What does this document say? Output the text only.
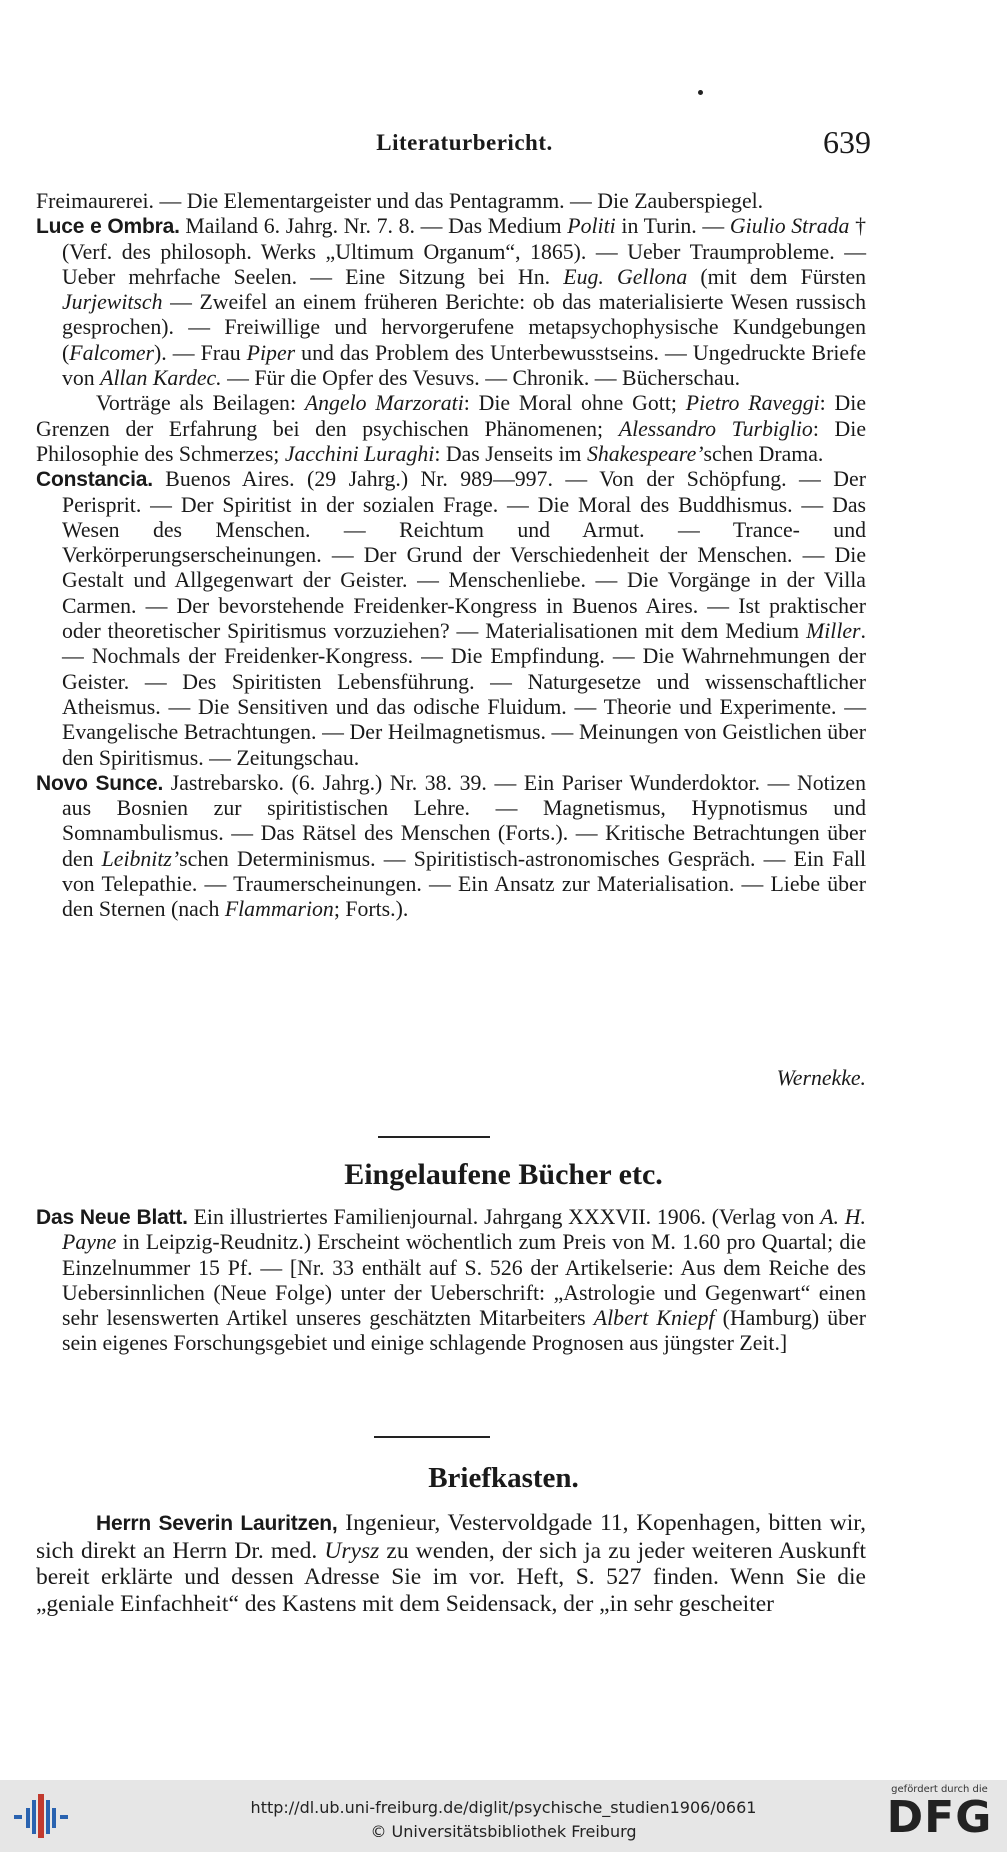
Literaturbericht.	639

Freimaurerei. — Die Elementargeister und das Pentagramm. — Die Zauberspiegel.

Luce e Ombra. Mailand 6. Jahrg. Nr. 7. 8. — Das Medium Politi in Turin. — Giulio Strada † (Verf. des philosoph. Werks „Ultimum Organum“, 1865). — Ueber Traumprobleme. — Ueber mehrfache Seelen. — Eine Sitzung bei Hn. Eug. Gellona (mit dem Fürsten Jurjewitsch — Zweifel an einem früheren Berichte: ob das materialisierte Wesen russisch gesprochen). — Freiwillige und hervorgerufene metapsychophysische Kundgebungen (Falcomer). — Frau Piper und das Problem des Unterbewusstseins. — Ungedruckte Briefe von Allan Kardec. — Für die Opfer des Vesuvs. — Chronik. — Bücherschau.

Vorträge als Beilagen: Angelo Marzorati: Die Moral ohne Gott; Pietro Raveggi: Die Grenzen der Erfahrung bei den psychischen Phänomenen; Alessandro Turbiglio: Die Philosophie des Schmerzes; Jacchini Luraghi: Das Jenseits im Shakespeare’schen Drama.

Constancia. Buenos Aires. (29 Jahrg.) Nr. 989—997. — Von der Schöpfung. — Der Perisprit. — Der Spiritist in der sozialen Frage. — Die Moral des Buddhismus. — Das Wesen des Menschen. — Reichtum und Armut. — Trance- und Verkörperungserscheinungen. — Der Grund der Verschiedenheit der Menschen. — Die Gestalt und Allgegenwart der Geister. — Menschenliebe. — Die Vorgänge in der Villa Carmen. — Der bevorstehende Freidenker-Kongress in Buenos Aires. — Ist praktischer oder theoretischer Spiritismus vorzuziehen? — Materialisationen mit dem Medium Miller. — Nochmals der Freidenker-Kongress. — Die Empfindung. — Die Wahrnehmungen der Geister. — Des Spiritisten Lebensführung. — Naturgesetze und wissenschaftlicher Atheismus. — Die Sensitiven und das odische Fluidum. — Theorie und Experimente. — Evangelische Betrachtungen. — Der Heilmagnetismus. — Meinungen von Geistlichen über den Spiritismus. — Zeitungschau.

Novo Sunce. Jastrebarsko. (6. Jahrg.) Nr. 38. 39. — Ein Pariser Wunderdoktor. — Notizen aus Bosnien zur spiritistischen Lehre. — Magnetismus, Hypnotismus und Somnambulismus. — Das Rätsel des Menschen (Forts.). — Kritische Betrachtungen über den Leibnitz’schen Determinismus. — Spiritistisch-astronomisches Gespräch. — Ein Fall von Telepathie. — Traumerscheinungen. — Ein Ansatz zur Materialisation. — Liebe über den Sternen (nach Flammarion; Forts.).

Wernekke.
Eingelaufene Bücher etc.

Das Neue Blatt. Ein illustriertes Familienjournal. Jahrgang XXXVII. 1906. (Verlag von A. H. Payne in Leipzig-Reudnitz.) Erscheint wöchentlich zum Preis von M. 1.60 pro Quartal; die Einzelnummer 15 Pf. — [Nr. 33 enthält auf S. 526 der Artikelserie: Aus dem Reiche des Uebersinnlichen (Neue Folge) unter der Ueberschrift: „Astrologie und Gegenwart“ einen sehr lesenswerten Artikel unseres geschätzten Mitarbeiters Albert Kniepf (Hamburg) über sein eigenes Forschungsgebiet und einige schlagende Prognosen aus jüngster Zeit.]

Briefkasten.

Herrn Severin Lauritzen, Ingenieur, Vestervoldgade 11, Kopenhagen, bitten wir, sich direkt an Herrn Dr. med. Urysz zu wenden, der sich ja zu jeder weiteren Auskunft bereit erklärte und dessen Adresse Sie im vor. Heft, S. 527 finden. Wenn Sie die „geniale Einfachheit“ des Kastens mit dem Seidensack, der „in sehr gescheiter

http://dl.ub.uni-freiburg.de/diglit/psychische_studien1906/0661
© Universitätsbibliothek Freiburg
gefördert durch die
DFG
